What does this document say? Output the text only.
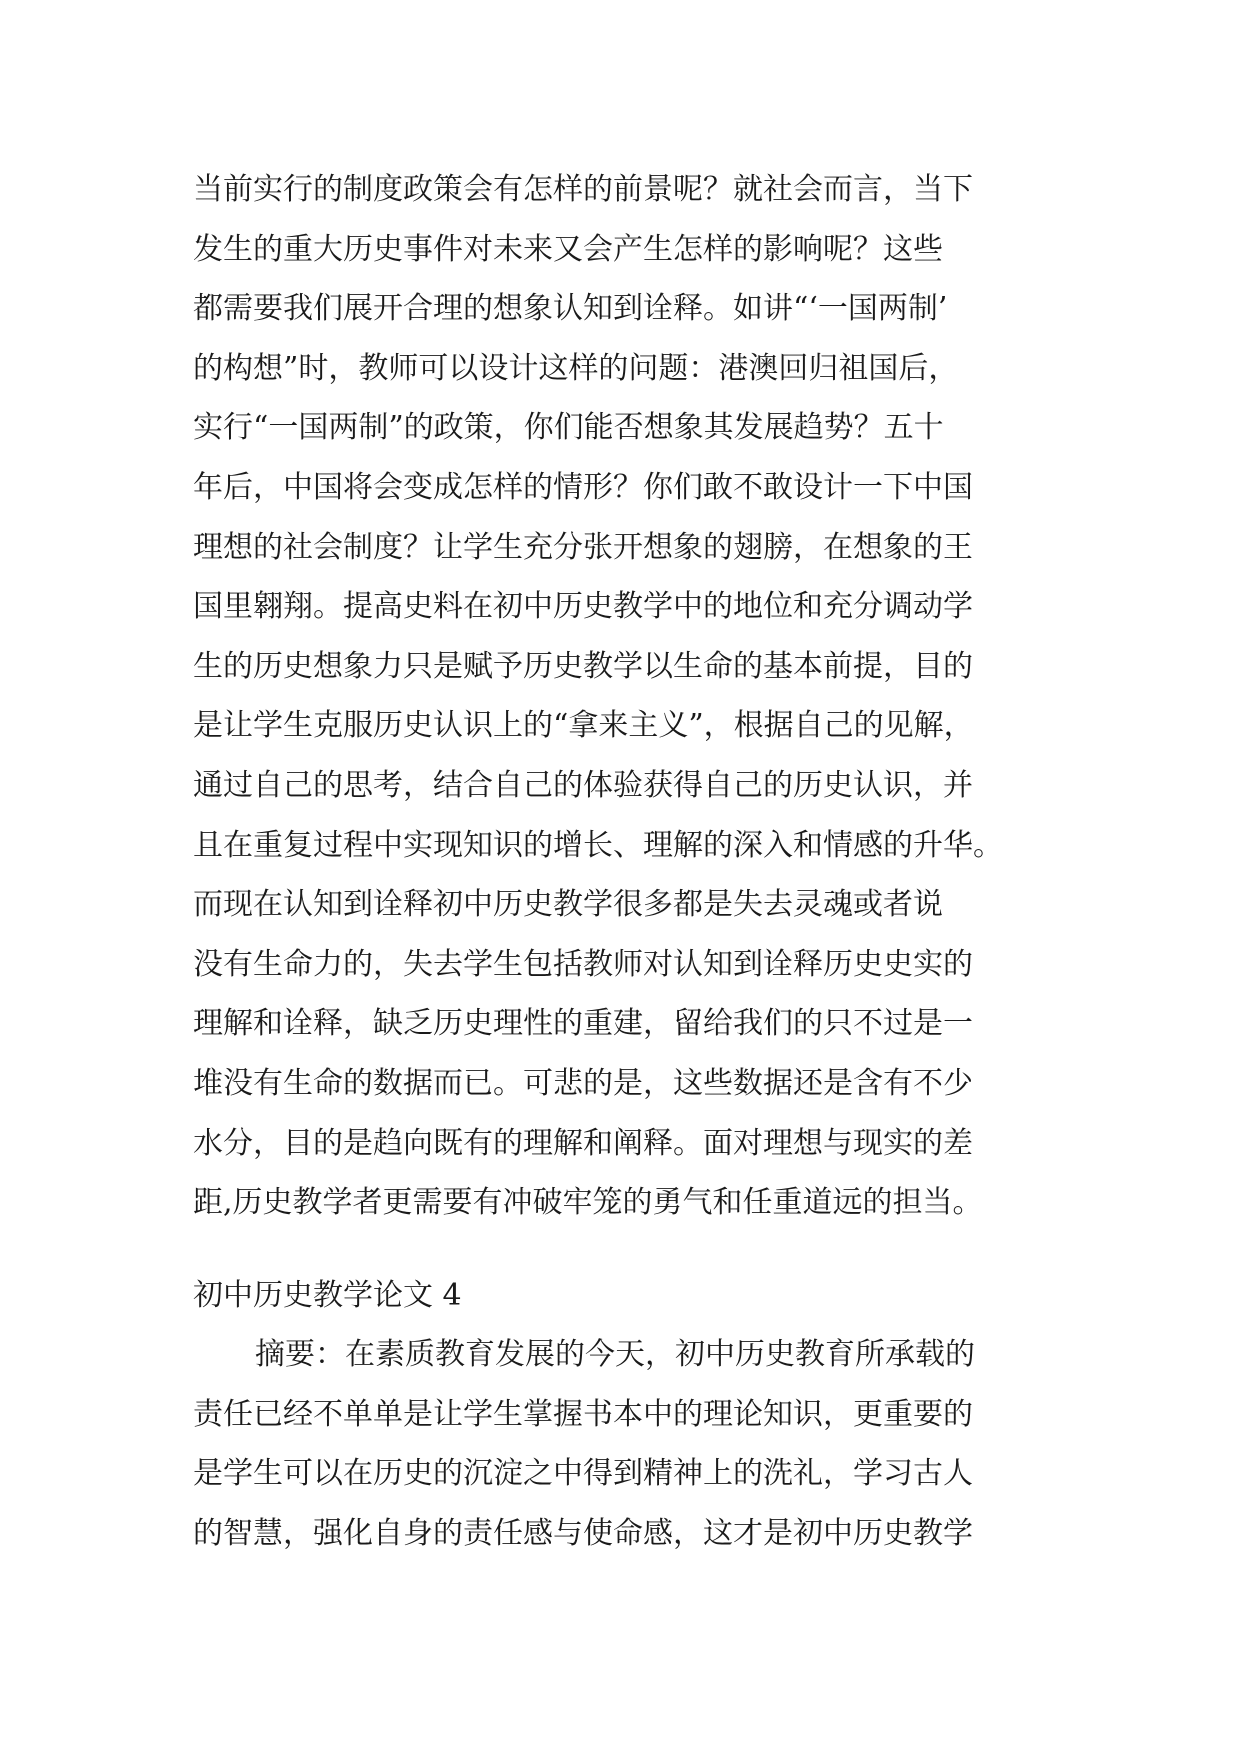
当前实行的制度政策会有怎样的前景呢？就社会而言，当下
发生的重大历史事件对未来又会产生怎样的影响呢？这些
都需要我们展开合理的想象认知到诠释。如讲“‘一国两制’
的构想”时，教师可以设计这样的问题：港澳回归祖国后，
实行“一国两制”的政策，你们能否想象其发展趋势？五十
年后，中国将会变成怎样的情形？你们敢不敢设计一下中国
理想的社会制度？让学生充分张开想象的翅膀，在想象的王
国里翱翔。提高史料在初中历史教学中的地位和充分调动学
生的历史想象力只是赋予历史教学以生命的基本前提，目的
是让学生克服历史认识上的“拿来主义”，根据自己的见解，
通过自己的思考，结合自己的体验获得自己的历史认识，并
且在重复过程中实现知识的增长、理解的深入和情感的升华。
而现在认知到诠释初中历史教学很多都是失去灵魂或者说
没有生命力的，失去学生包括教师对认知到诠释历史史实的
理解和诠释，缺乏历史理性的重建，留给我们的只不过是一
堆没有生命的数据而已。可悲的是，这些数据还是含有不少
水分，目的是趋向既有的理解和阐释。面对理想与现实的差
距,历史教学者更需要有冲破牢笼的勇气和任重道远的担当。
初中历史教学论文 4
摘要：在素质教育发展的今天，初中历史教育所承载的
责任已经不单单是让学生掌握书本中的理论知识，更重要的
是学生可以在历史的沉淀之中得到精神上的洗礼，学习古人
的智慧，强化自身的责任感与使命感，这才是初中历史教学
